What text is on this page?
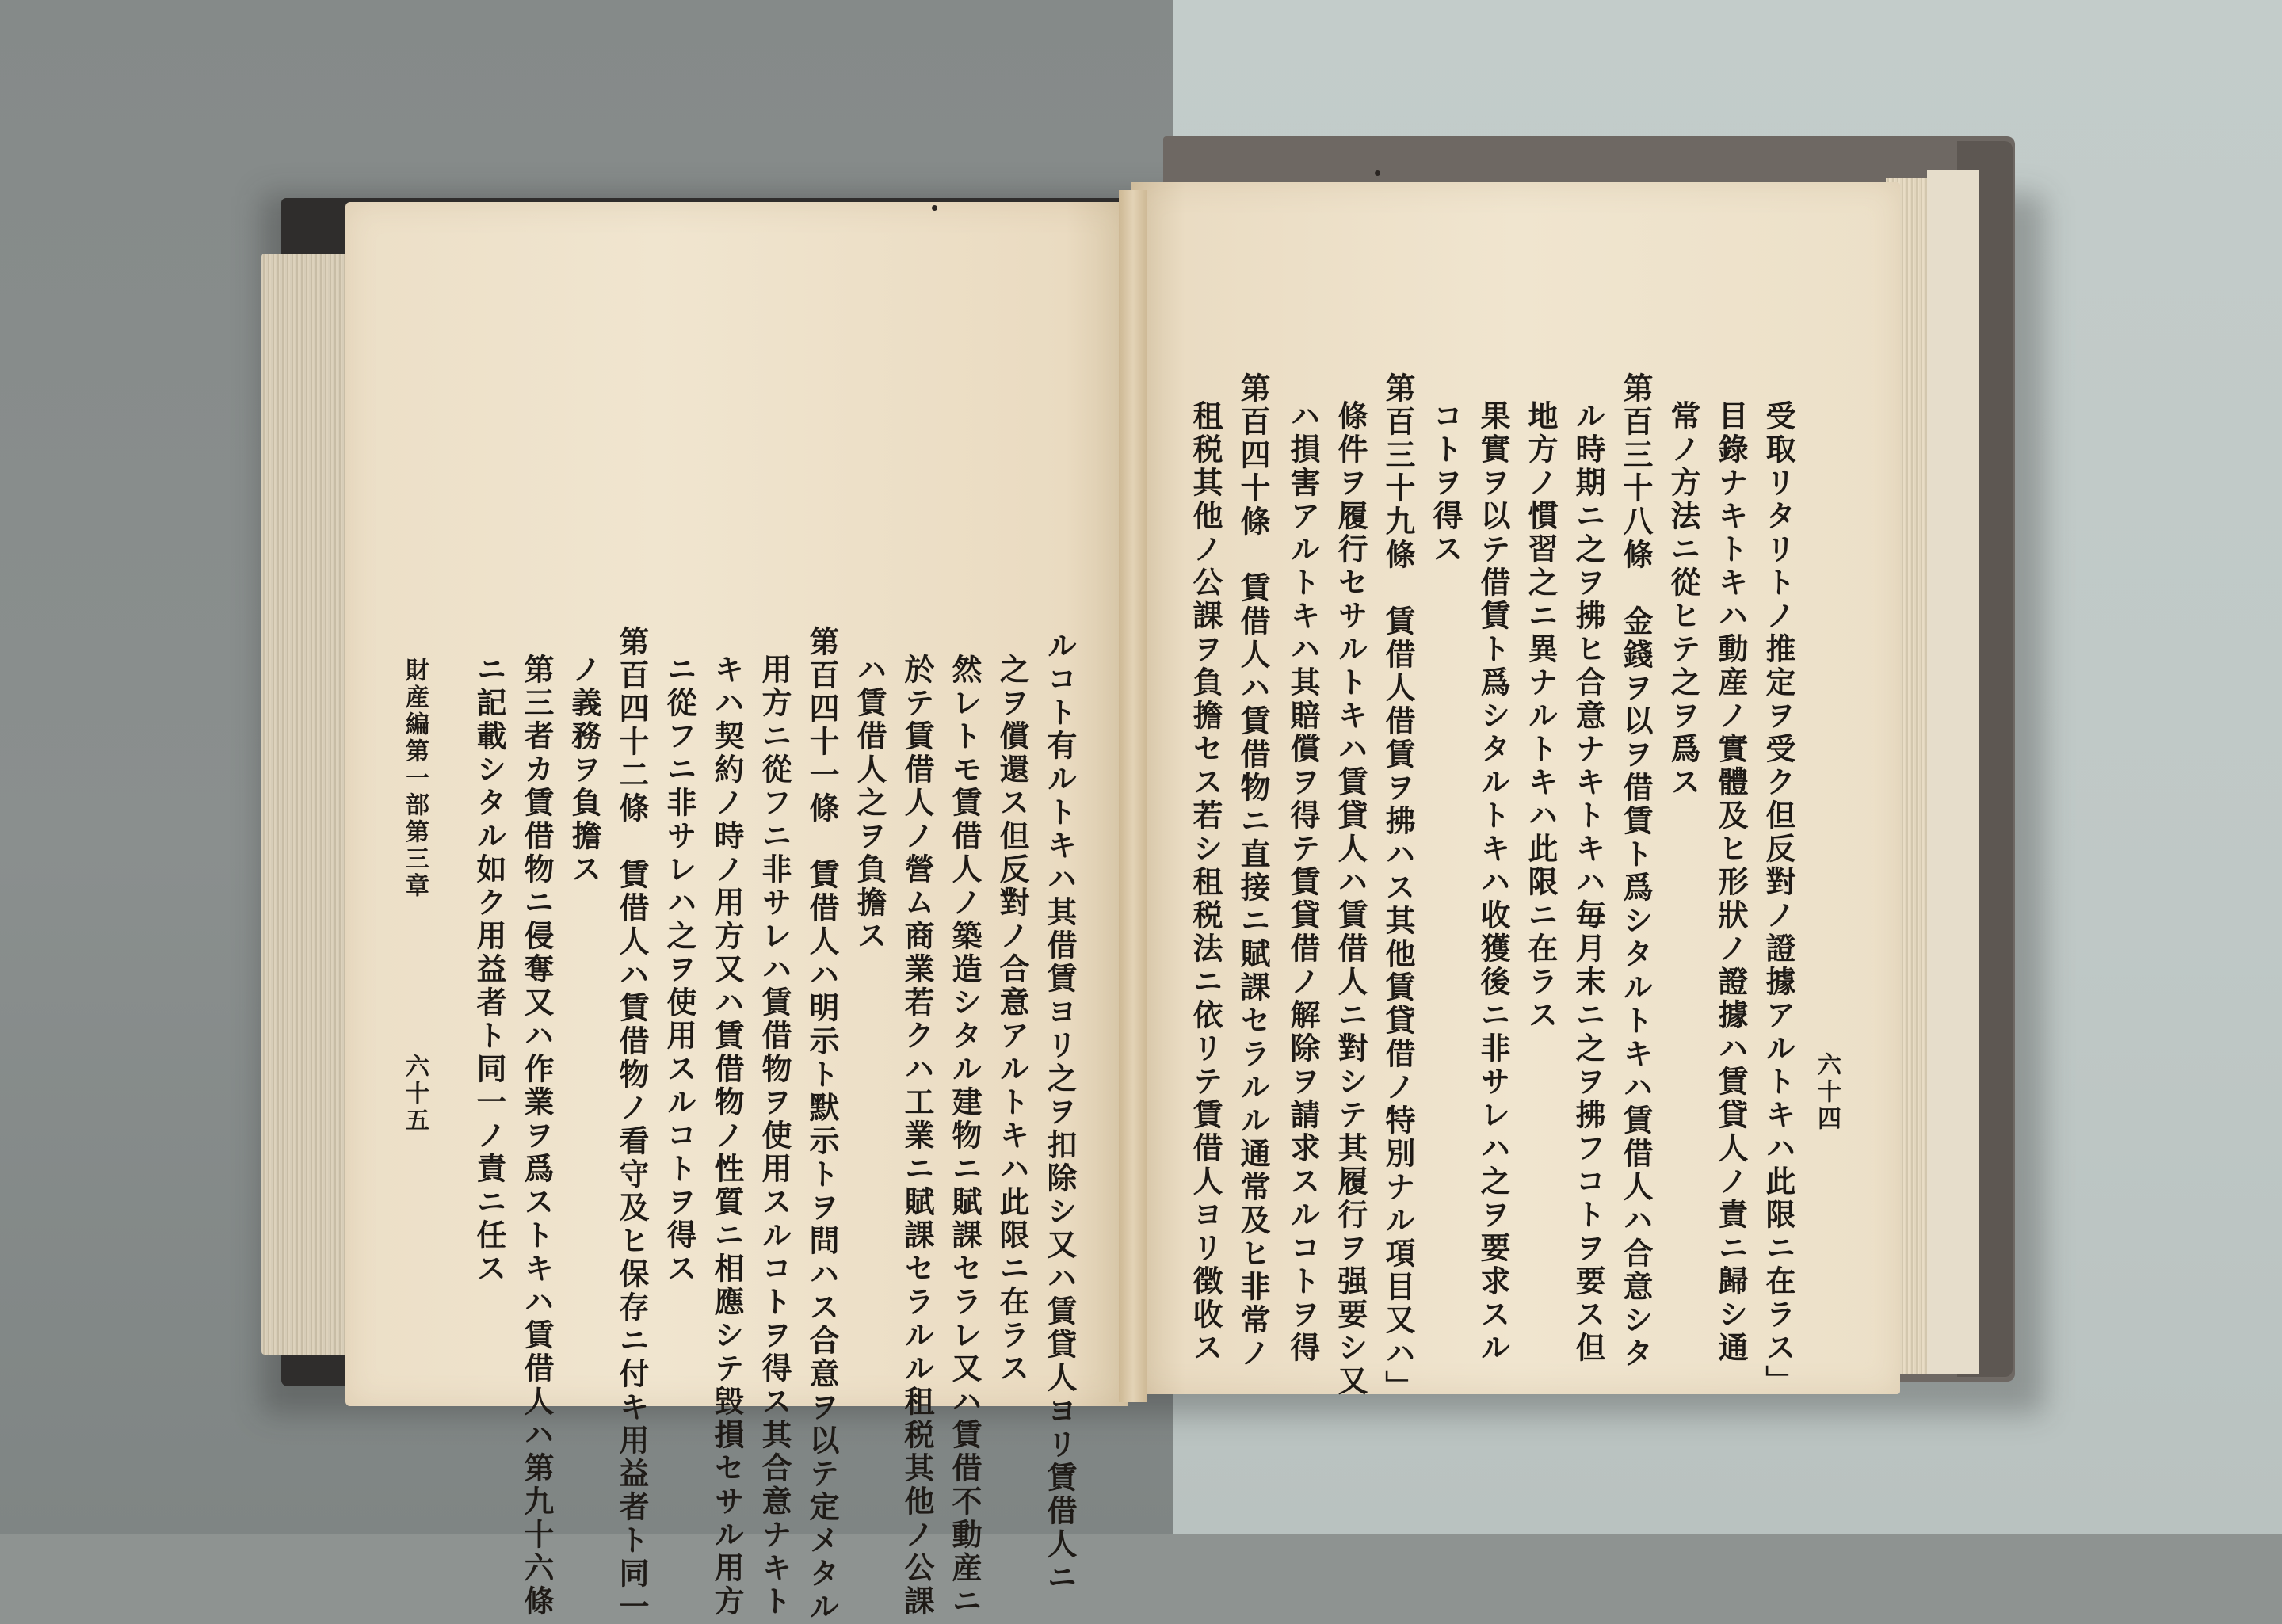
六十四
受取リタリトノ推定ヲ受ク但反對ノ證據アルトキハ此限ニ在ラス」
目錄ナキトキハ動産ノ實體及ヒ形狀ノ證據ハ賃貸人ノ責ニ歸シ通
常ノ方法ニ從ヒテ之ヲ爲ス
第百三十八條　金錢ヲ以ヲ借賃ト爲シタルトキハ賃借人ハ合意シタ
ル時期ニ之ヲ拂ヒ合意ナキトキハ毎月末ニ之ヲ拂フコトヲ要ス但
地方ノ慣習之ニ異ナルトキハ此限ニ在ラス
果實ヲ以テ借賃ト爲シタルトキハ收獲後ニ非サレハ之ヲ要求スル
コトヲ得ス
第百三十九條　賃借人借賃ヲ拂ハス其他賃貸借ノ特別ナル項目又ハ」
條件ヲ履行セサルトキハ賃貸人ハ賃借人ニ對シテ其履行ヲ强要シ又
ハ損害アルトキハ其賠償ヲ得テ賃貸借ノ解除ヲ請求スルコトヲ得
第百四十條　賃借人ハ賃借物ニ直接ニ賦課セラルル通常及ヒ非常ノ
租税其他ノ公課ヲ負擔セス若シ租税法ニ依リテ賃借人ヨリ徴收ス
ルコト有ルトキハ其借賃ヨリ之ヲ扣除シ又ハ賃貸人ヨリ賃借人ニ
之ヲ償還ス但反對ノ合意アルトキハ此限ニ在ラス
然レトモ賃借人ノ築造シタル建物ニ賦課セラレ又ハ賃借不動産ニ
於テ賃借人ノ營ム商業若クハ工業ニ賦課セラルル租税其他ノ公課
ハ賃借人之ヲ負擔ス
第百四十一條　賃借人ハ明示ト默示トヲ問ハス合意ヲ以テ定メタル
用方ニ從フニ非サレハ賃借物ヲ使用スルコトヲ得ス其合意ナキト
キハ契約ノ時ノ用方又ハ賃借物ノ性質ニ相應シテ毀損セサル用方
ニ從フニ非サレハ之ヲ使用スルコトヲ得ス
第百四十二條　賃借人ハ賃借物ノ看守及ヒ保存ニ付キ用益者ト同一
ノ義務ヲ負擔ス
第三者カ賃借物ニ侵奪又ハ作業ヲ爲ストキハ賃借人ハ第九十六條
ニ記載シタル如ク用益者ト同一ノ責ニ任ス
財産編第一部第三章
六十五
